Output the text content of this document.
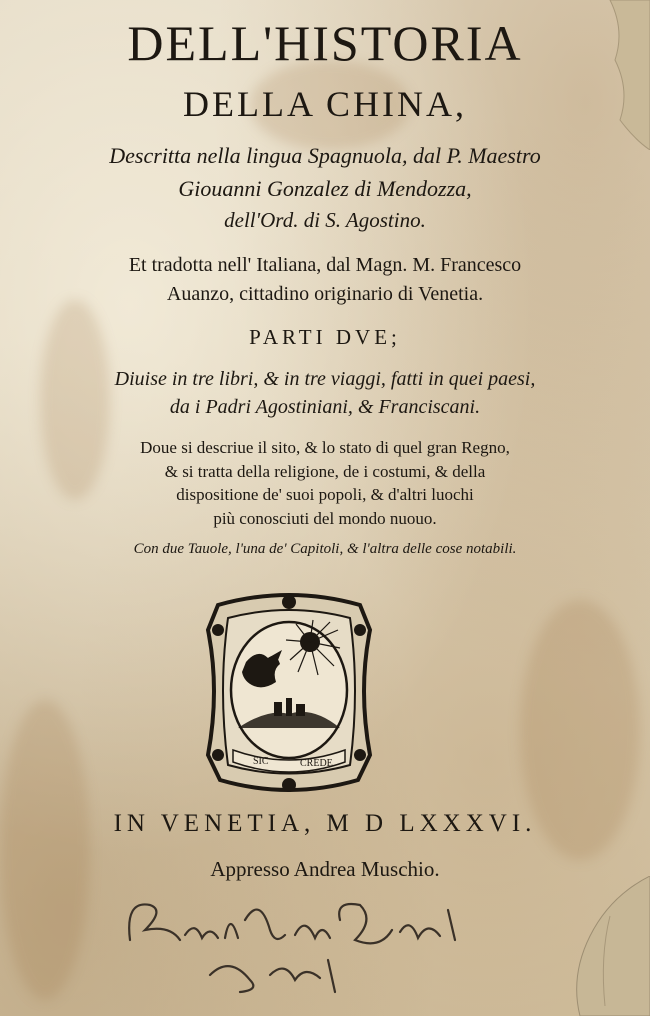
DELL'HISTORIA
DELLA CHINA,
Descritta nella lingua Spagnuola, dal P. Maestro
Giouanni Gonzalez di Mendozza,
dell'Ord. di S. Agostino.
Et tradotta nell' Italiana, dal Magn. M. Francesco
Auanzo, cittadino originario di Venetia.
PARTI DVE;
Diuise in tre libri, & in tre viaggi, fatti in quei paesi,
da i Padri Agostiniani, & Franciscani.
Doue si descriue il sito, & lo stato di quel gran Regno,
& si tratta della religione, de i costumi, & della
dispositione de' suoi popoli, & d'altri luochi
più conosciuti del mondo nuouo.
Con due Tauole, l'una de' Capitoli, & l'altra delle cose notabili.
SIC	CREDE
IN VENETIA, M D LXXXVI.
Appresso Andrea Muschio.
